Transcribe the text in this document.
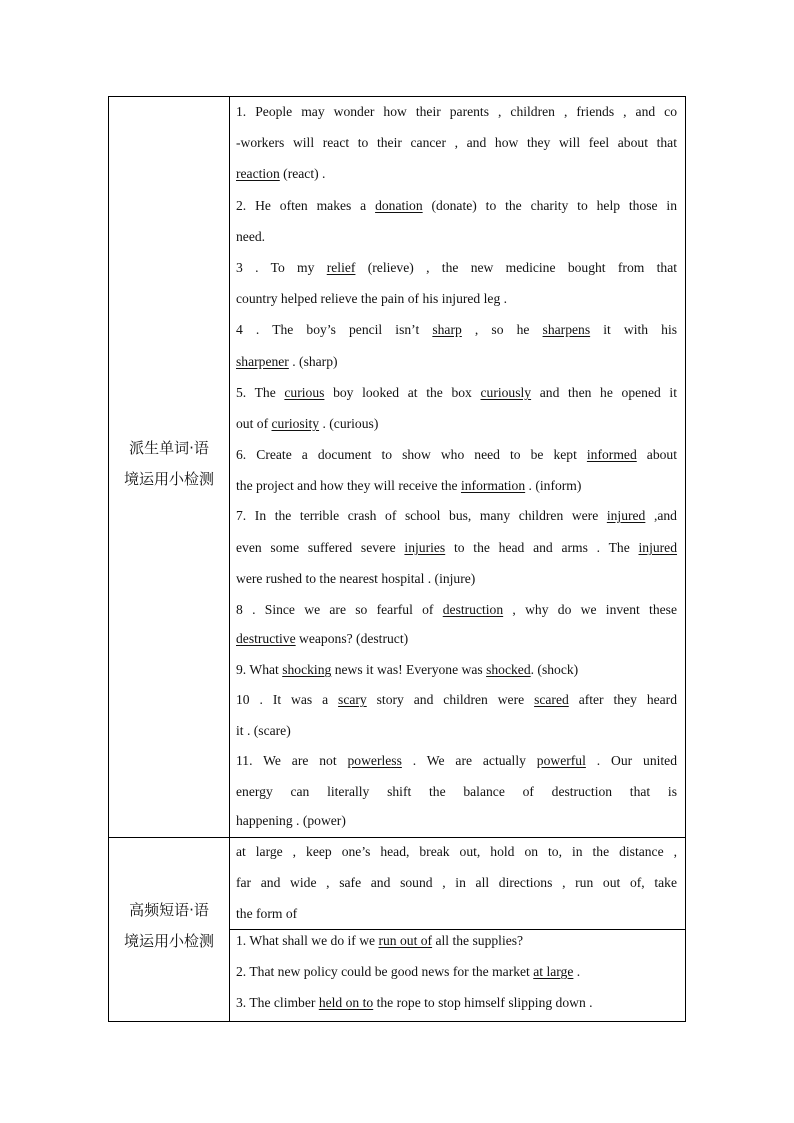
派生单词·语
境运用小检测
高频短语·语
境运用小检测

1. People may wonder how their parents , children , friends , and co

-workers will react to their cancer , and how they will feel about that

reaction (react) .

2. He often makes a donation (donate) to the charity to help those in

need.

3 . To my relief (relieve) , the new medicine bought from that

country helped relieve the pain of his injured leg .

4 . The boy’s pencil isn’t sharp , so he sharpens it with his

sharpener . (sharp)

5. The curious boy looked at the box curiously and then he opened it

out of curiosity . (curious)

6. Create a document to show who need to be kept informed about

the project and how they will receive the information . (inform)

7. In the terrible crash of school bus, many children were injured ,and

even some suffered severe injuries to the head and arms . The injured

were rushed to the nearest hospital . (injure)

8 . Since we are so fearful of destruction , why do we invent these

destructive weapons? (destruct)

9. What shocking news it was! Everyone was shocked. (shock)

10 . It was a scary story and children were scared after they heard

it . (scare)

11. We are not powerless . We are actually powerful . Our united

energy can literally shift the balance of destruction that is

happening . (power)

at large , keep one’s head, break out, hold on to, in the distance ,

far and wide , safe and sound , in all directions , run out of, take

the form of

1. What shall we do if we run out of all the supplies?

2. That new policy could be good news for the market at large .

3. The climber held on to the rope to stop himself slipping down .
